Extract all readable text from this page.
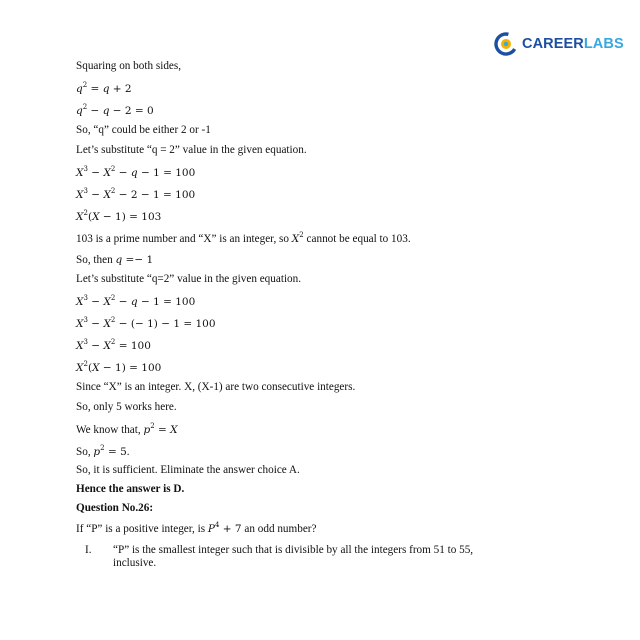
CAREERLABS
Squaring on both sides,
$q^2 = q + 2$
$q^2 - q - 2 = 0$
So, “q” could be either 2 or -1
Let’s substitute “q = 2” value in the given equation.
$X^3 - X^2 - q - 1 = 100$
$X^3 - X^2 - 2 - 1 = 100$
$X^2(X - 1) = 103$
103 is a prime number and “X” is an integer, so $X^2$ cannot be equal to 103.
So, then q =− 1
Let’s substitute “q=2” value in the given equation.
$X^3 - X^2 - q - 1 = 100$
$X^3 - X^2$ − (− 1) − 1 = 100
$X^3 - X^2 = 100$
$X^2(X - 1) = 100$
Since “X” is an integer. X, (X-1) are two consecutive integers.
So, only 5 works here.
We know that, $p^2 = X$
So, $p^2 = 5$.
So, it is sufficient. Eliminate the answer choice A.
Hence the answer is D.
Question No.26:
If “P” is a positive integer, is $P^4 + 7$ an odd number?
I. “P” is the smallest integer such that is divisible by all the integers from 51 to 55,
inclusive.
